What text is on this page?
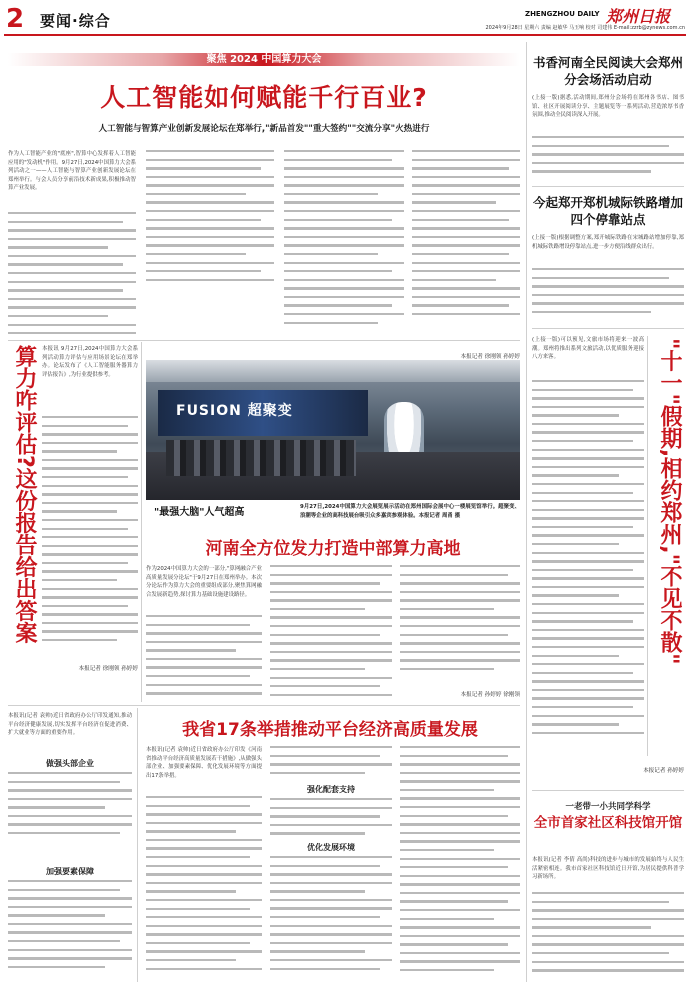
2 要闻·综合	ZHENGZHOU DAILY 郑州日报
2024年9月28日 星期六 责编 赵敏华 马玉响 校对 司建伟 E-mail:zzrb@zynews.com.cn
聚焦 2024 中国算力大会
人工智能如何赋能千行百业?
人工智能与智算产业创新发展论坛在郑举行,"新品首发""重大签约""交流分享"火热进行
作为人工智能产业的"底座",智算中心发挥着人工智能应用的"发动机"作用。9月27日,2024中国算力大会系列活动之一——人工智能与智算产业创新发展论坛在郑州举行。与会人员分享前沿技术新成果,积极推动智算产业发展。
本报记者 徐刚领 孙婷婷
算力咋评估?这份报告给出答案 本报讯 9月27日,2024中国算力大会系列活动算力评估与应用场景论坛在郑举办。论坛发布了《人工智能服务器算力评估报告》,为行业提供参考。
本报记者 徐刚领 孙婷婷
FUSION 超聚变
"最强大脑"人气超高	9月27日,2024中国算力大会展览展示活动在郑州国际会展中心一楼展览馆举行。超聚变、浪潮等企业的高科技展台吸引众多嘉宾参观体验。本报记者 周甬 摄
河南全方位发力打造中部算力高地
作为2024中国算力大会的一部分,"算网融合产业高质量发展分论坛"于9月27日在郑州举办。本次分论坛作为算力大会的重要组成部分,聚焦算网融合发展新趋势,探讨算力基础设施建设路径。
本报记者 孙婷婷 徐刚领
本报讯(记者 袁帅)近日省政府办公厅印发通知,推动平台经济健康发展,切实发挥平台经济在促进消费、扩大就业等方面的重要作用。
做强头部企业
加强要素保障
我省17条举措推动平台经济高质量发展
本报讯(记者 袁帅)近日省政府办公厅印发《河南省推动平台经济高质量发展若干措施》,从做强头部企业、加强要素保障、优化发展环境等方面提出17条举措。
强化配套支持
优化发展环境
书香河南全民阅读大会郑州分会场活动启动
(上接一版)据悉,活动期间,郑州分会场将在郑州各书店、图书馆、社区开展阅读分享、主题展览等一系列活动,营造浓厚书香氛围,推动全民阅读深入开展。
今起郑开郑机城际铁路增加四个停靠站点
(上接一版)根据调整方案,郑开城际铁路在宋城路站增加停靠,郑机城际铁路增设停靠站点,进一步方便沿线群众出行。
"十一"假期,相约郑州,"不见不散"
(上接一版)可以预见,文旅市场将迎来一波高潮。郑州将推出系列文旅活动,以优质服务迎接八方来客。
本报记者 孙婷婷
一老带一小共同学科学
全市首家社区科技馆开馆
本报讯(记者 李倩 高尚)科技的进步与城市的发展始终与人民生活紧密相连。我市首家社区科技馆近日开馆,为居民提供科普学习新场所。
